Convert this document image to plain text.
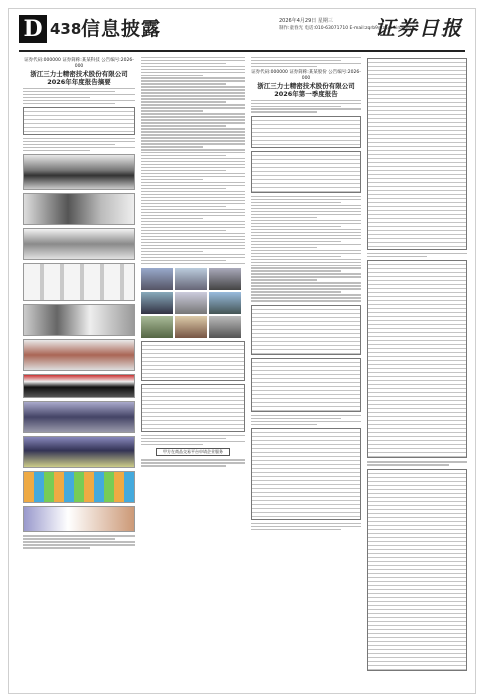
D 438 信息披露	2026年4月29日 星期三
制作:童春光 电话:010-63071710 E-mail:zqrb9@zqrb.sina.net
证券日报
证券代码:000000 证券简称:某某科技 公告编号:2026-000
浙江三力士精密技术股份有限公司
2026年年度报告摘要
甲方在商品交易平台申请企业服务
证券代码:000000 证券简称:某某股份 公告编号:2026-000
浙江三力士精密技术股份有限公司
2026年第一季度报告
